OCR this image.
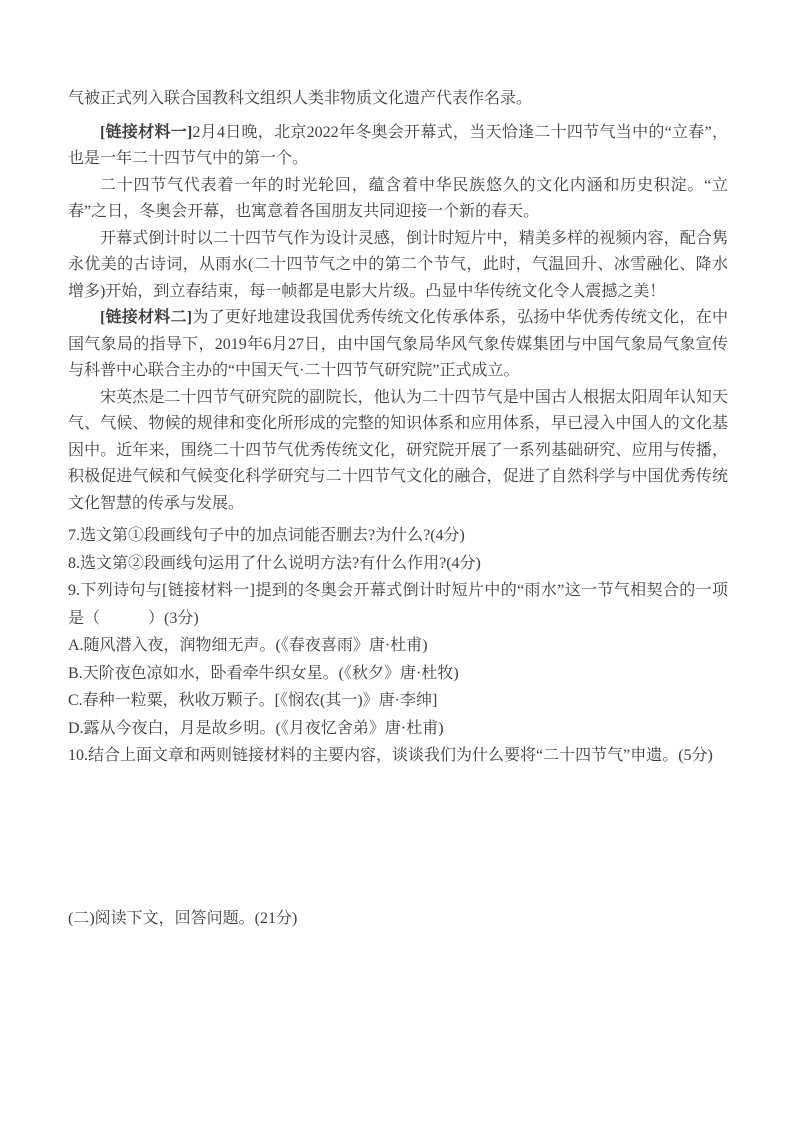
气被正式列入联合国教科文组织人类非物质文化遗产代表作名录。

[链接材料一]2月4日晚，北京2022年冬奥会开幕式，当天恰逢二十四节气当中的“立春”，也是一年二十四节气中的第一个。

二十四节气代表着一年的时光轮回，蕴含着中华民族悠久的文化内涵和历史积淀。“立春”之日，冬奥会开幕，也寓意着各国朋友共同迎接一个新的春天。

开幕式倒计时以二十四节气作为设计灵感，倒计时短片中，精美多样的视频内容，配合隽永优美的古诗词，从雨水(二十四节气之中的第二个节气，此时，气温回升、冰雪融化、降水增多)开始，到立春结束，每一帧都是电影大片级。凸显中华传统文化令人震撼之美！

[链接材料二]为了更好地建设我国优秀传统文化传承体系，弘扬中华优秀传统文化，在中国气象局的指导下，2019年6月27日，由中国气象局华风气象传媒集团与中国气象局气象宣传与科普中心联合主办的“中国天气·二十四节气研究院”正式成立。

宋英杰是二十四节气研究院的副院长，他认为二十四节气是中国古人根据太阳周年认知天气、气候、物候的规律和变化所形成的完整的知识体系和应用体系，早已浸入中国人的文化基因中。近年来，围绕二十四节气优秀传统文化，研究院开展了一系列基础研究、应用与传播，积极促进气候和气候变化科学研究与二十四节气文化的融合，促进了自然科学与中国优秀传统文化智慧的传承与发展。

7.选文第①段画线句子中的加点词能否删去?为什么?(4分)

8.选文第②段画线句运用了什么说明方法?有什么作用?(4分)

9.下列诗句与[链接材料一]提到的冬奥会开幕式倒计时短片中的“雨水”这一节气相契合的一项是（　　　）(3分)

A.随风潜入夜，润物细无声。(《春夜喜雨》唐·杜甫)

B.天阶夜色凉如水，卧看牵牛织女星。(《秋夕》唐·杜牧)

C.春种一粒粟，秋收万颗子。[《悯农(其一)》唐·李绅]

D.露从今夜白，月是故乡明。(《月夜忆舍弟》唐·杜甫)

10.结合上面文章和两则链接材料的主要内容，谈谈我们为什么要将“二十四节气”申遗。(5分)

(二)阅读下文，回答问题。(21分)
